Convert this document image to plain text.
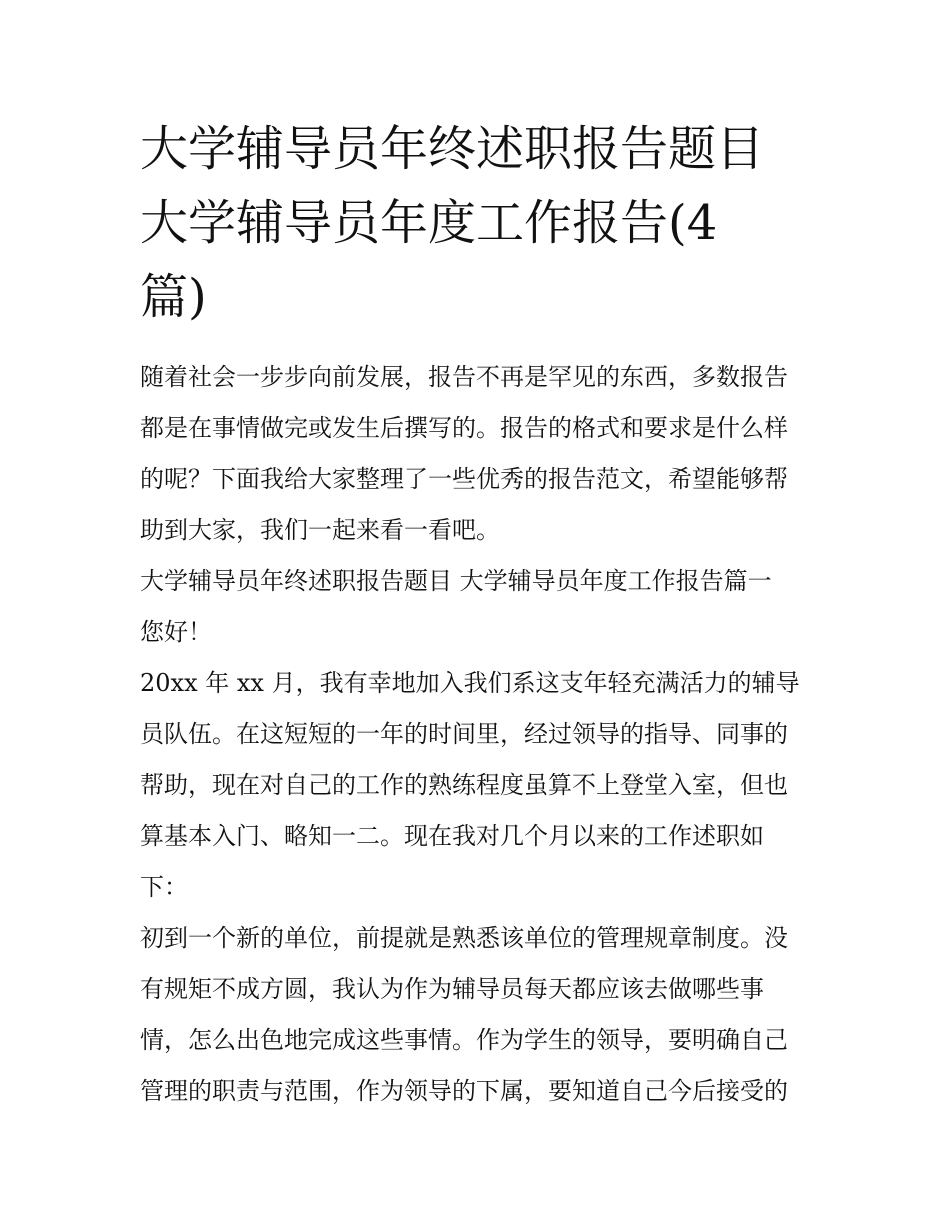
大学辅导员年终述职报告题目
大学辅导员年度工作报告(4
篇)
随着社会一步步向前发展，报告不再是罕见的东西，多数报告
都是在事情做完或发生后撰写的。报告的格式和要求是什么样
的呢？下面我给大家整理了一些优秀的报告范文，希望能够帮
助到大家，我们一起来看一看吧。
大学辅导员年终述职报告题目 大学辅导员年度工作报告篇一
您好！
20xx 年 xx 月，我有幸地加入我们系这支年轻充满活力的辅导
员队伍。在这短短的一年的时间里，经过领导的指导、同事的
帮助，现在对自己的工作的熟练程度虽算不上登堂入室，但也
算基本入门、略知一二。现在我对几个月以来的工作述职如
下：
初到一个新的单位，前提就是熟悉该单位的管理规章制度。没
有规矩不成方圆，我认为作为辅导员每天都应该去做哪些事
情，怎么出色地完成这些事情。作为学生的领导，要明确自己
管理的职责与范围，作为领导的下属，要知道自己今后接受的
